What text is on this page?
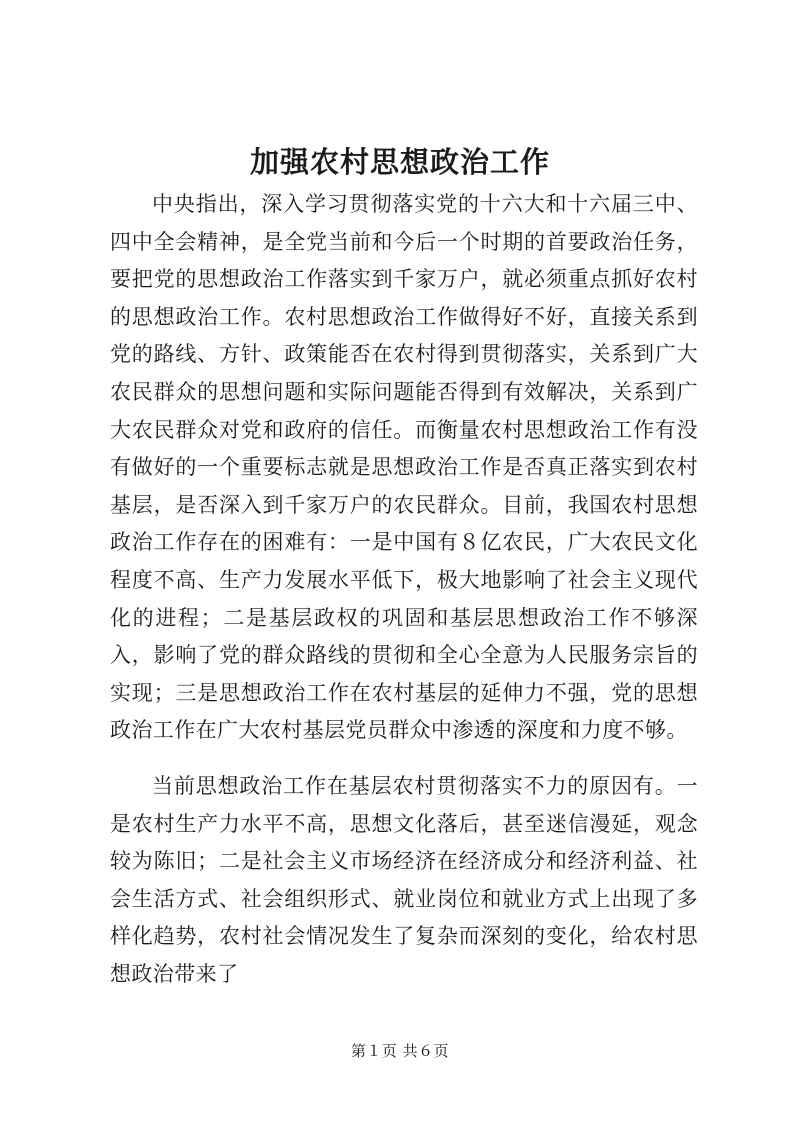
加强农村思想政治工作

中央指出，深入学习贯彻落实党的十六大和十六届三中、四中全会精神，是全党当前和今后一个时期的首要政治任务，要把党的思想政治工作落实到千家万户，就必须重点抓好农村的思想政治工作。农村思想政治工作做得好不好，直接关系到党的路线、方针、政策能否在农村得到贯彻落实，关系到广大农民群众的思想问题和实际问题能否得到有效解决，关系到广大农民群众对党和政府的信任。而衡量农村思想政治工作有没有做好的一个重要标志就是思想政治工作是否真正落实到农村基层，是否深入到千家万户的农民群众。目前，我国农村思想政治工作存在的困难有：一是中国有８亿农民，广大农民文化程度不高、生产力发展水平低下，极大地影响了社会主义现代化的进程；二是基层政权的巩固和基层思想政治工作不够深入，影响了党的群众路线的贯彻和全心全意为人民服务宗旨的实现；三是思想政治工作在农村基层的延伸力不强，党的思想政治工作在广大农村基层党员群众中渗透的深度和力度不够。

当前思想政治工作在基层农村贯彻落实不力的原因有。一是农村生产力水平不高，思想文化落后，甚至迷信漫延，观念较为陈旧；二是社会主义市场经济在经济成分和经济利益、社会生活方式、社会组织形式、就业岗位和就业方式上出现了多样化趋势，农村社会情况发生了复杂而深刻的变化，给农村思想政治带来了

第１页 共６页
